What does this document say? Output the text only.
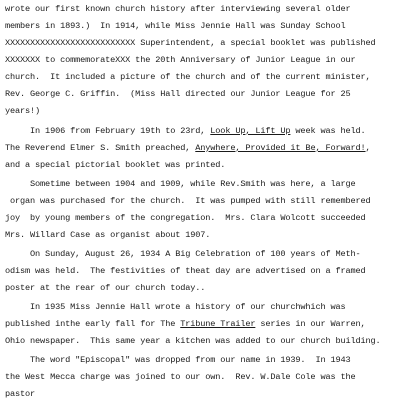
wrote our first known church history after interviewing several older
members in 1893.)  In 1914, while Miss Jennie Hall was Sunday School
XXXXXXXXXXXXXXXXXXXXXXXXXX Superintendent, a special booklet was published
XXXXXXX to commemorateXXX the 20th Anniversary of Junior League in our
church.  It included a picture of the church and of the current minister,
Rev. George C. Griffin.  (Miss Hall directed our Junior League for 25
years!)
In 1906 from February 19th to 23rd, Look Up, Lift Up week was held.
The Reverend Elmer S. Smith preached, Anywhere, Provided it Be, Forward!,
and a special pictorial booklet was printed.
Sometime between 1904 and 1909, while Rev.Smith was here, a large
organ was purchased for the church.  It was pumped with still remembered
joy  by young members of the congregation.  Mrs. Clara Wolcott succeeded
Mrs. Willard Case as organist about 1907.
On Sunday, August 26, 1934 A Big Celebration of 100 years of Meth-
odism was held.  The festivities of theat day are advertised on a framed
poster at the rear of our church today..
In 1935 Miss Jennie Hall wrote a history of our churchwhich was
published inthe early fall for The Tribune Trailer series in our Warren,
Ohio newspaper.  This same year a kitchen was added to our church building.
The word "Episcopal" was dropped from our name in 1939.  In 1943
the West Mecca charge was joined to our own.  Rev. W.Dale Cole was the
pastor
